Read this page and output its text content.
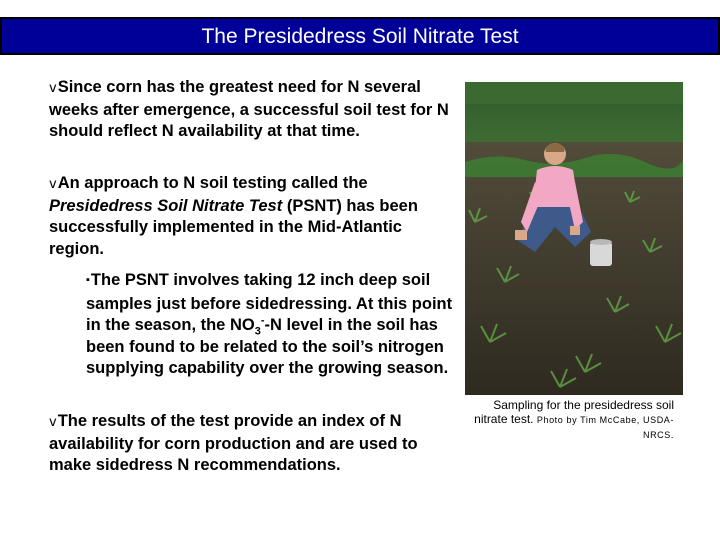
The Presidedress Soil Nitrate Test
vSince corn has the greatest need for N several weeks after emergence, a successful soil test for N should reflect N availability at that time.
vAn approach to N soil testing called the Presidedress Soil Nitrate Test (PSNT) has been successfully implemented in the Mid-Atlantic region.
▪The PSNT involves taking 12 inch deep soil samples just before sidedressing. At this point in the season, the $NO_3^--N$ level in the soil has been found to be related to the soil’s nitrogen supplying capability over the growing season.
vThe results of the test provide an index of N availability for corn production and are used to make sidedress N recommendations.
Sampling for the presidedress soil nitrate test. Photo by Tim McCabe, USDA-NRCS.
